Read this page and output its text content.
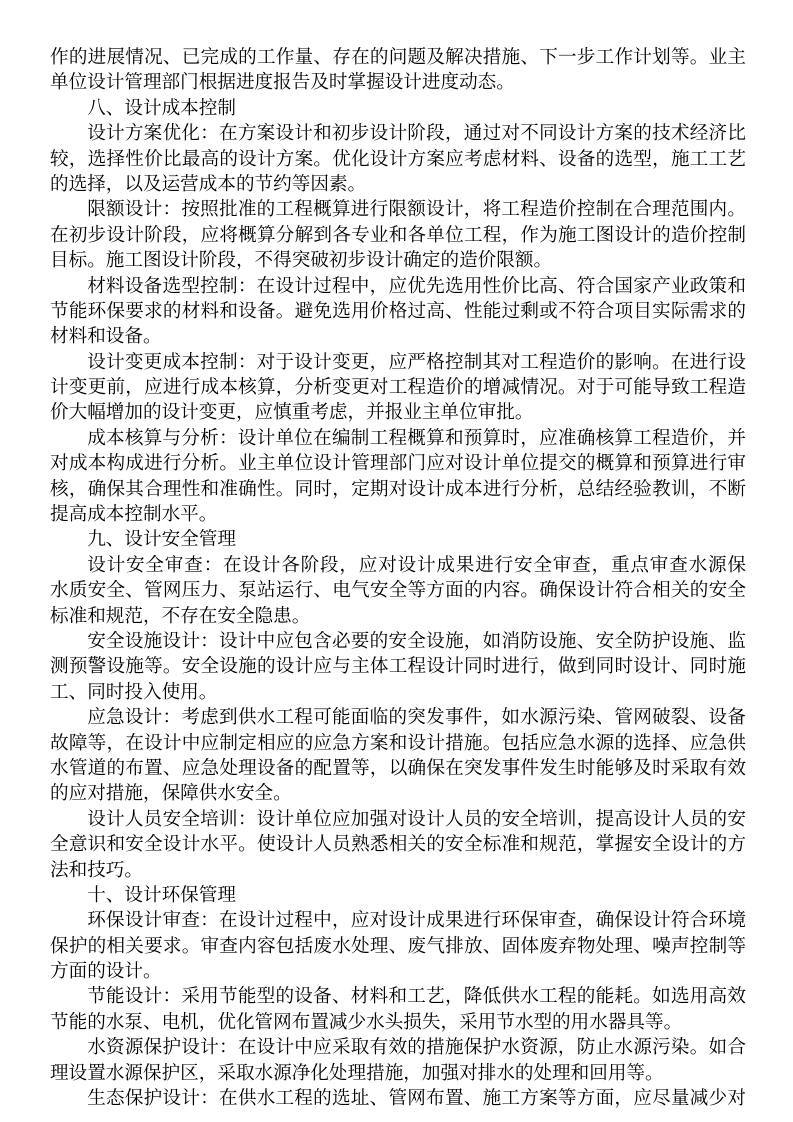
作的进展情况、已完成的工作量、存在的问题及解决措施、下一步工作计划等。业主
单位设计管理部门根据进度报告及时掌握设计进度动态。
八、设计成本控制
设计方案优化：在方案设计和初步设计阶段，通过对不同设计方案的技术经济比
较，选择性价比最高的设计方案。优化设计方案应考虑材料、设备的选型，施工工艺
的选择，以及运营成本的节约等因素。
限额设计：按照批准的工程概算进行限额设计，将工程造价控制在合理范围内。
在初步设计阶段，应将概算分解到各专业和各单位工程，作为施工图设计的造价控制
目标。施工图设计阶段，不得突破初步设计确定的造价限额。
材料设备选型控制：在设计过程中，应优先选用性价比高、符合国家产业政策和
节能环保要求的材料和设备。避免选用价格过高、性能过剩或不符合项目实际需求的
材料和设备。
设计变更成本控制：对于设计变更，应严格控制其对工程造价的影响。在进行设
计变更前，应进行成本核算，分析变更对工程造价的增减情况。对于可能导致工程造
价大幅增加的设计变更，应慎重考虑，并报业主单位审批。
成本核算与分析：设计单位在编制工程概算和预算时，应准确核算工程造价，并
对成本构成进行分析。业主单位设计管理部门应对设计单位提交的概算和预算进行审
核，确保其合理性和准确性。同时，定期对设计成本进行分析，总结经验教训，不断
提高成本控制水平。
九、设计安全管理
设计安全审查：在设计各阶段，应对设计成果进行安全审查，重点审查水源保
水质安全、管网压力、泵站运行、电气安全等方面的内容。确保设计符合相关的安全
标准和规范，不存在安全隐患。
安全设施设计：设计中应包含必要的安全设施，如消防设施、安全防护设施、监
测预警设施等。安全设施的设计应与主体工程设计同时进行，做到同时设计、同时施
工、同时投入使用。
应急设计：考虑到供水工程可能面临的突发事件，如水源污染、管网破裂、设备
故障等，在设计中应制定相应的应急方案和设计措施。包括应急水源的选择、应急供
水管道的布置、应急处理设备的配置等，以确保在突发事件发生时能够及时采取有效
的应对措施，保障供水安全。
设计人员安全培训：设计单位应加强对设计人员的安全培训，提高设计人员的安
全意识和安全设计水平。使设计人员熟悉相关的安全标准和规范，掌握安全设计的方
法和技巧。
十、设计环保管理
环保设计审查：在设计过程中，应对设计成果进行环保审查，确保设计符合环境
保护的相关要求。审查内容包括废水处理、废气排放、固体废弃物处理、噪声控制等
方面的设计。
节能设计：采用节能型的设备、材料和工艺，降低供水工程的能耗。如选用高效
节能的水泵、电机，优化管网布置减少水头损失，采用节水型的用水器具等。
水资源保护设计：在设计中应采取有效的措施保护水资源，防止水源污染。如合
理设置水源保护区，采取水源净化处理措施，加强对排水的处理和回用等。
生态保护设计：在供水工程的选址、管网布置、施工方案等方面，应尽量减少对
